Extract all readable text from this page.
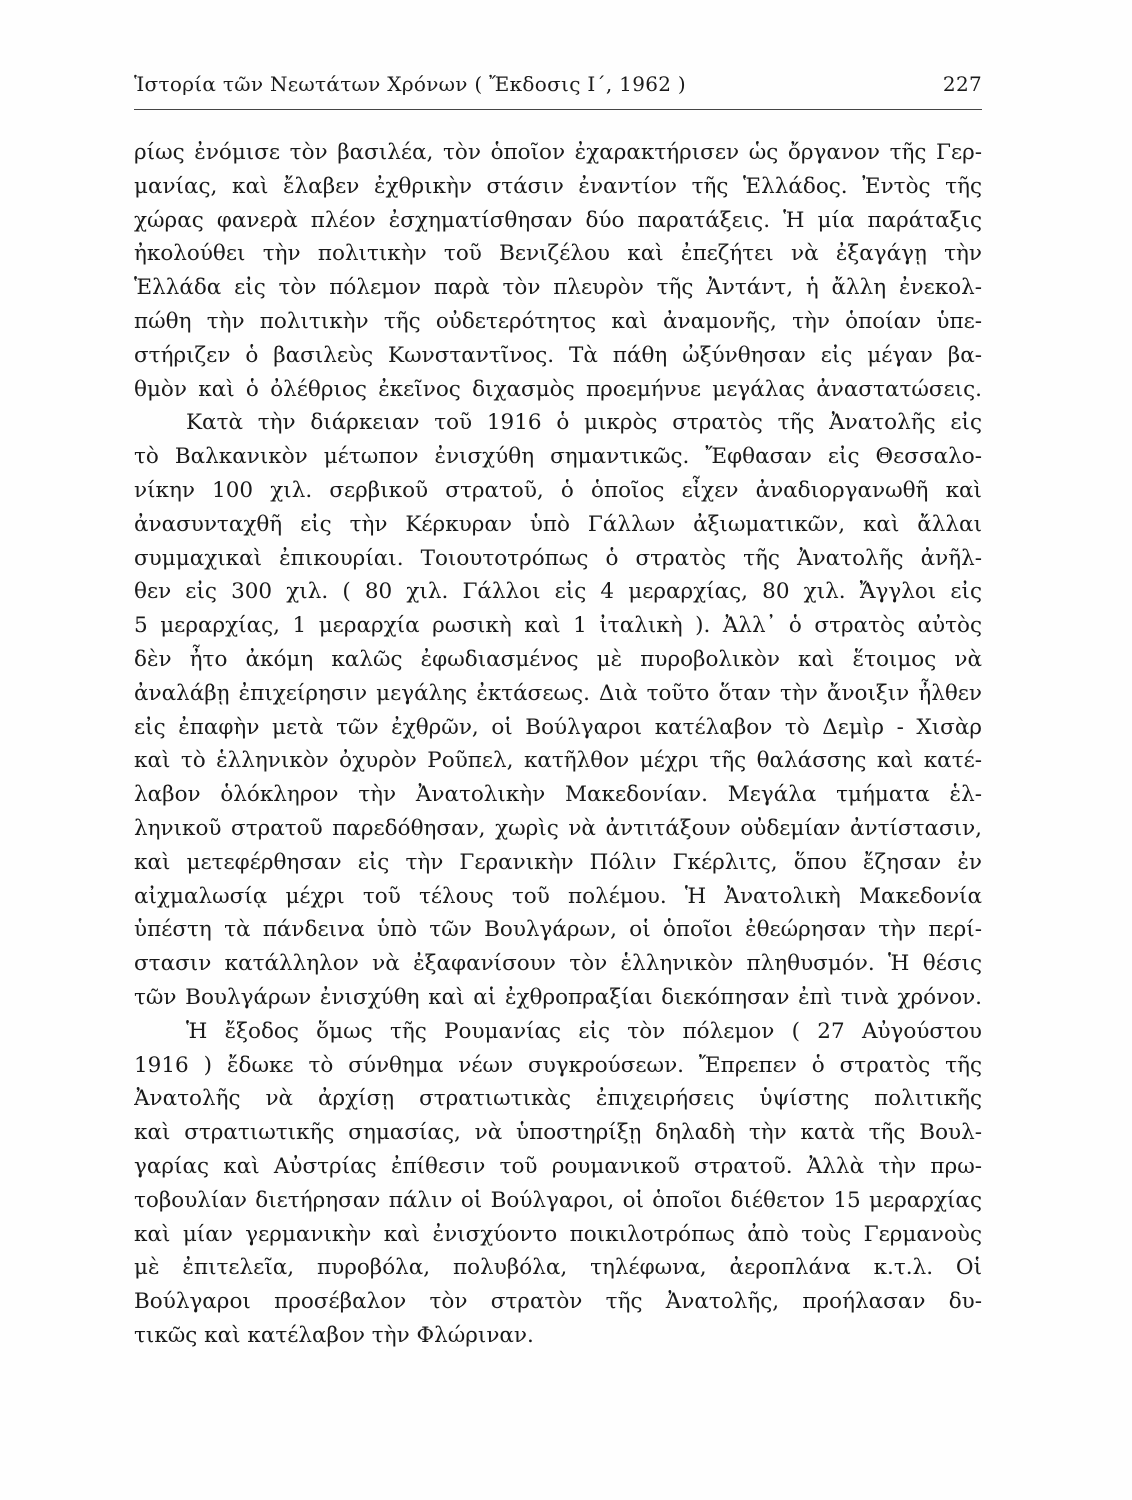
Ἱστορία τῶν Νεωτάτων Χρόνων ( Ἔκδοσις Ι΄, 1962 )	227
ρίως ἐνόμισε τὸν βασιλέα, τὸν ὁποῖον ἐχαρακτήρισεν ὡς ὄργανον τῆς Γερ-
μανίας, καὶ ἔλαβεν ἐχθρικὴν στάσιν ἐναντίον τῆς Ἑλλάδος. Ἐντὸς τῆς
χώρας φανερὰ πλέον ἐσχηματίσθησαν δύο παρατάξεις. Ἡ μία παράταξις
ἠκολούθει τὴν πολιτικὴν τοῦ Βενιζέλου καὶ ἐπεζήτει νὰ ἐξαγάγῃ τὴν
Ἑλλάδα εἰς τὸν πόλεμον παρὰ τὸν πλευρὸν τῆς Ἀντάντ, ἡ ἄλλη ἐνεκολ-
πώθη τὴν πολιτικὴν τῆς οὐδετερότητος καὶ ἀναμονῆς, τὴν ὁποίαν ὑπε-
στήριζεν ὁ βασιλεὺς Κωνσταντῖνος. Τὰ πάθη ὠξύνθησαν εἰς μέγαν βα-
θμὸν καὶ ὁ ὀλέθριος ἐκεῖνος διχασμὸς προεμήνυε μεγάλας ἀναστατώσεις.
Κατὰ τὴν διάρκειαν τοῦ 1916 ὁ μικρὸς στρατὸς τῆς Ἀνατολῆς εἰς
τὸ Βαλκανικὸν μέτωπον ἐνισχύθη σημαντικῶς. Ἔφθασαν εἰς Θεσσαλο-
νίκην 100 χιλ. σερβικοῦ στρατοῦ, ὁ ὁποῖος εἶχεν ἀναδιοργανωθῆ καὶ
ἀνασυνταχθῆ εἰς τὴν Κέρκυραν ὑπὸ Γάλλων ἀξιωματικῶν, καὶ ἄλλαι
συμμαχικαὶ ἐπικουρίαι. Τοιουτοτρόπως ὁ στρατὸς τῆς Ἀνατολῆς ἀνῆλ-
θεν εἰς 300 χιλ. ( 80 χιλ. Γάλλοι εἰς 4 μεραρχίας, 80 χιλ. Ἄγγλοι εἰς
5 μεραρχίας, 1 μεραρχία ρωσικὴ καὶ 1 ἰταλικὴ ). Ἀλλ᾽ ὁ στρατὸς αὐτὸς
δὲν ἦτο ἀκόμη καλῶς ἐφωδιασμένος μὲ πυροβολικὸν καὶ ἕτοιμος νὰ
ἀναλάβῃ ἐπιχείρησιν μεγάλης ἐκτάσεως. Διὰ τοῦτο ὅταν τὴν ἄνοιξιν ἦλθεν
εἰς ἐπαφὴν μετὰ τῶν ἐχθρῶν, οἱ Βούλγαροι κατέλαβον τὸ Δεμὶρ - Χισὰρ
καὶ τὸ ἑλληνικὸν ὀχυρὸν Ροῦπελ, κατῆλθον μέχρι τῆς θαλάσσης καὶ κατέ-
λαβον ὁλόκληρον τὴν Ἀνατολικὴν Μακεδονίαν. Μεγάλα τμήματα ἑλ-
ληνικοῦ στρατοῦ παρεδόθησαν, χωρὶς νὰ ἀντιτάξουν οὐδεμίαν ἀντίστασιν,
καὶ μετεφέρθησαν εἰς τὴν Γερανικὴν Πόλιν Γκέρλιτς, ὅπου ἔζησαν ἐν
αἰχμαλωσίᾳ μέχρι τοῦ τέλους τοῦ πολέμου. Ἡ Ἀνατολικὴ Μακεδονία
ὑπέστη τὰ πάνδεινα ὑπὸ τῶν Βουλγάρων, οἱ ὁποῖοι ἐθεώρησαν τὴν περί-
στασιν κατάλληλον νὰ ἐξαφανίσουν τὸν ἑλληνικὸν πληθυσμόν. Ἡ θέσις
τῶν Βουλγάρων ἐνισχύθη καὶ αἱ ἐχθροπραξίαι διεκόπησαν ἐπὶ τινὰ χρόνον.
Ἡ ἔξοδος ὅμως τῆς Ρουμανίας εἰς τὸν πόλεμον ( 27 Αὐγούστου
1916 ) ἔδωκε τὸ σύνθημα νέων συγκρούσεων. Ἔπρεπεν ὁ στρατὸς τῆς
Ἀνατολῆς νὰ ἀρχίσῃ στρατιωτικὰς ἐπιχειρήσεις ὑψίστης πολιτικῆς
καὶ στρατιωτικῆς σημασίας, νὰ ὑποστηρίξῃ δηλαδὴ τὴν κατὰ τῆς Βουλ-
γαρίας καὶ Αὐστρίας ἐπίθεσιν τοῦ ρουμανικοῦ στρατοῦ. Ἀλλὰ τὴν πρω-
τοβουλίαν διετήρησαν πάλιν οἱ Βούλγαροι, οἱ ὁποῖοι διέθετον 15 μεραρχίας
καὶ μίαν γερμανικὴν καὶ ἐνισχύοντο ποικιλοτρόπως ἀπὸ τοὺς Γερμανοὺς
μὲ ἐπιτελεῖα, πυροβόλα, πολυβόλα, τηλέφωνα, ἀεροπλάνα κ.τ.λ. Οἱ
Βούλγαροι προσέβαλον τὸν στρατὸν τῆς Ἀνατολῆς, προήλασαν δυ-
τικῶς καὶ κατέλαβον τὴν Φλώριναν.
